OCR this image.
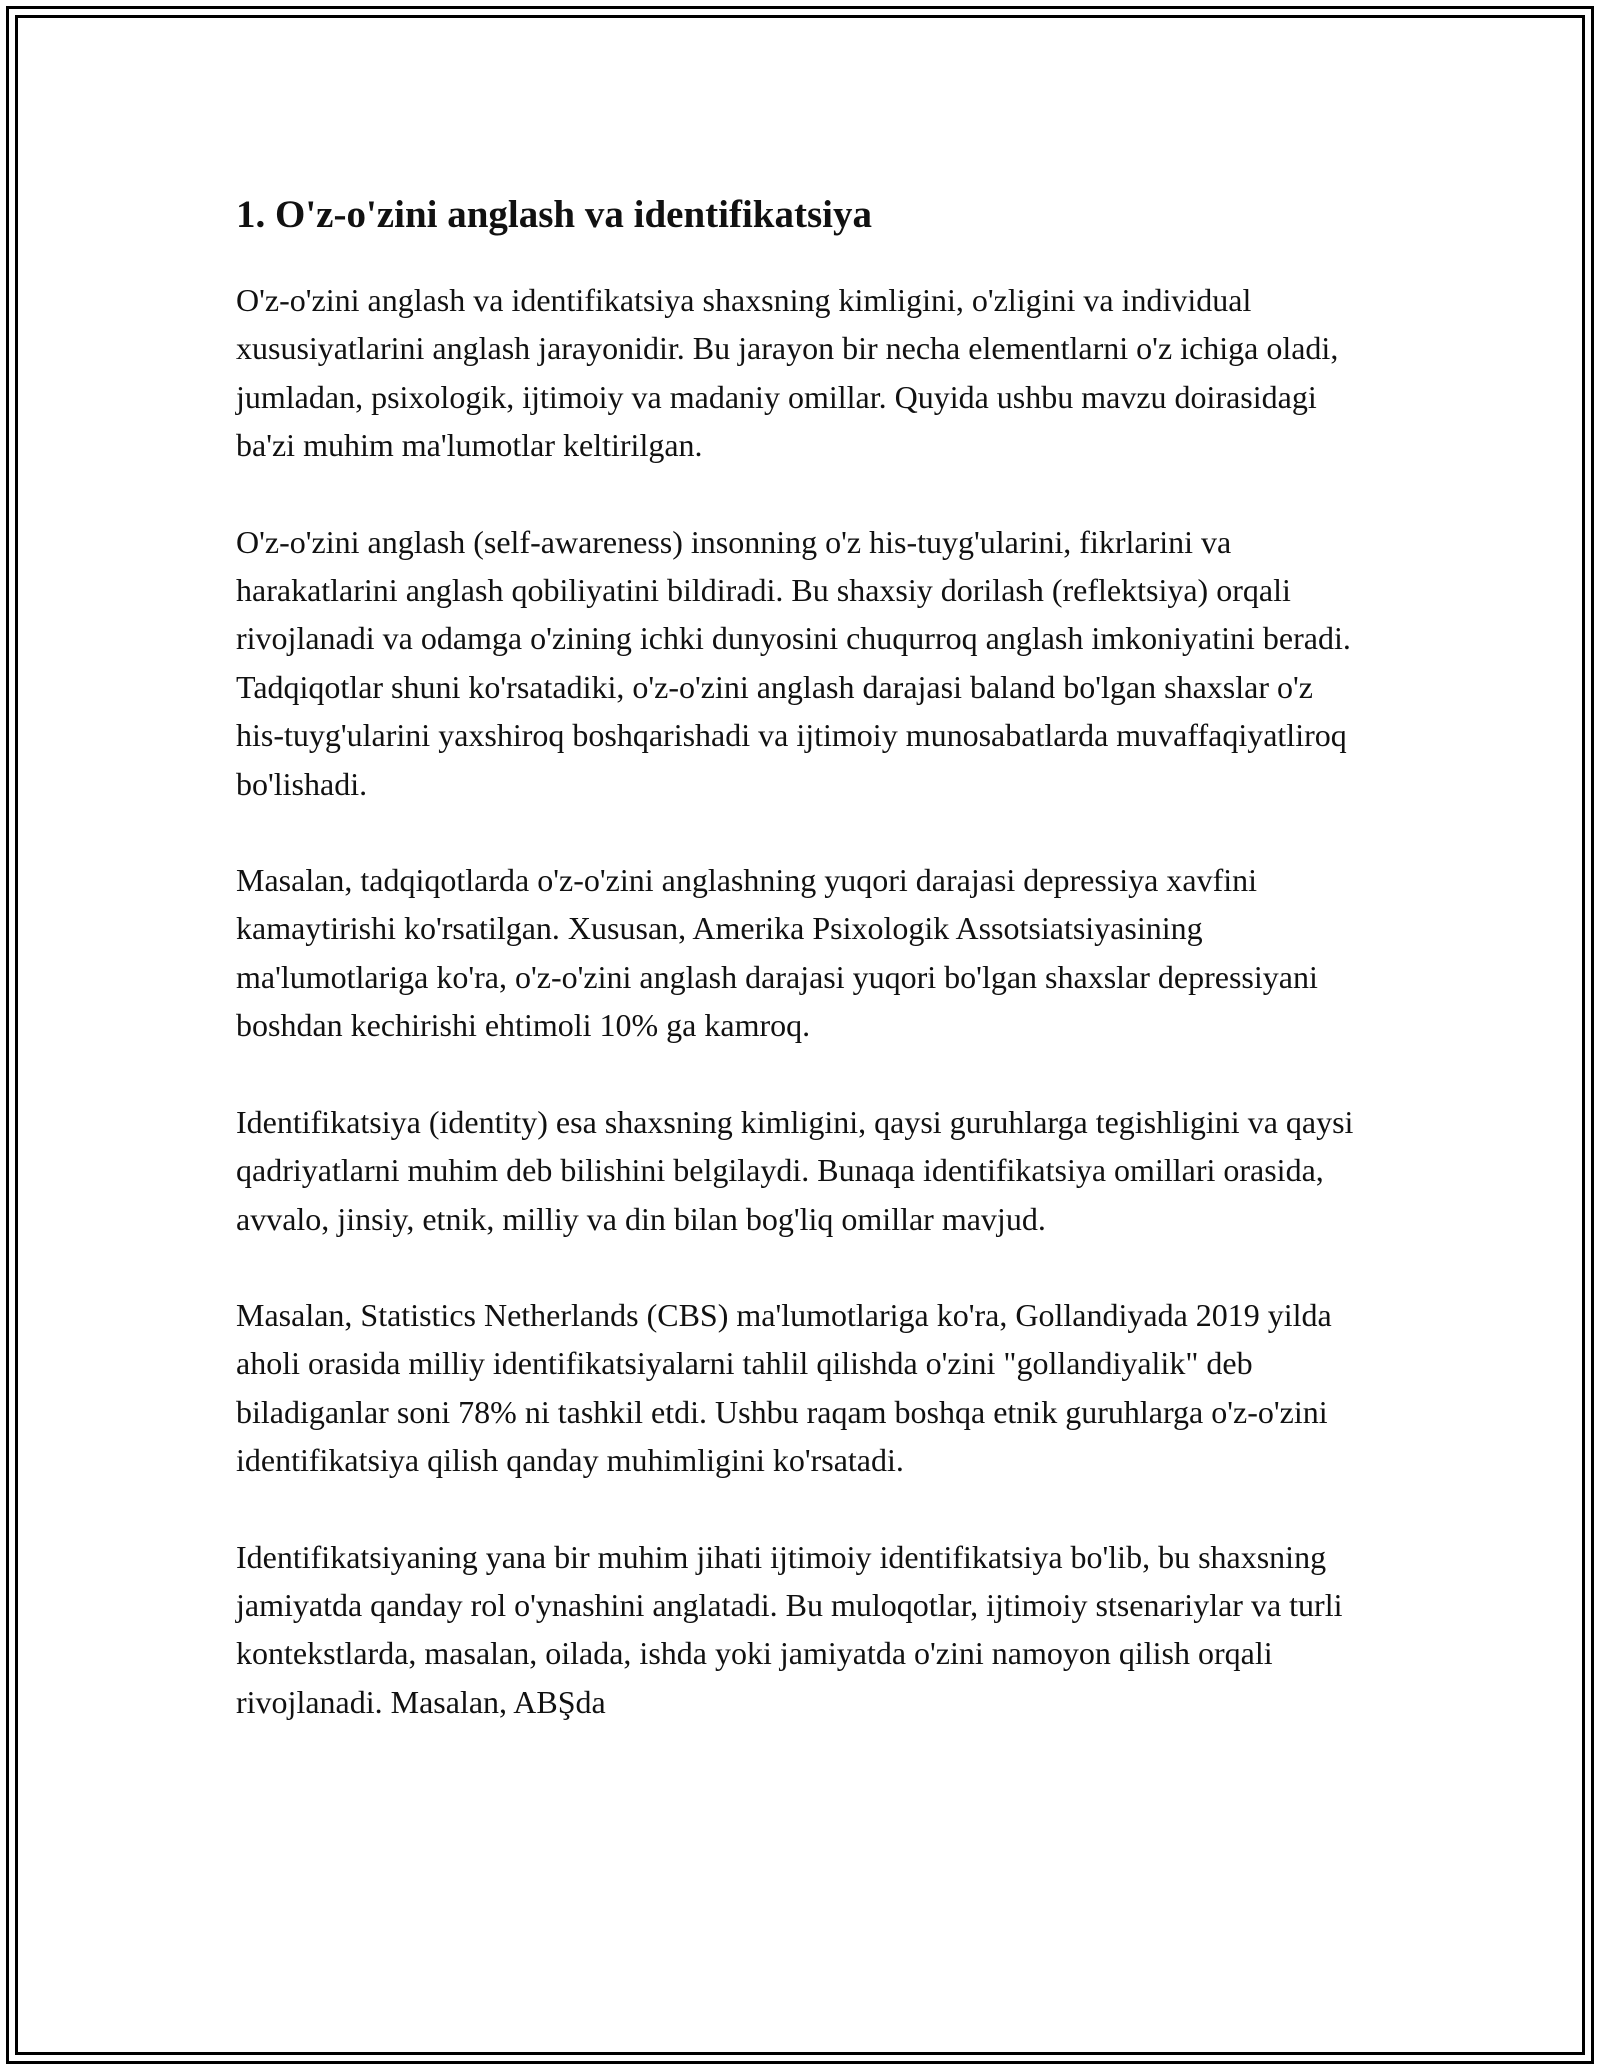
1. O'z-o'zini anglash va identifikatsiya

O'z-o'zini anglash va identifikatsiya shaxsning kimligini, o'zligini va individual xususiyatlarini anglash jarayonidir. Bu jarayon bir necha elementlarni o'z ichiga oladi, jumladan, psixologik, ijtimoiy va madaniy omillar. Quyida ushbu mavzu doirasidagi ba'zi muhim ma'lumotlar keltirilgan.

O'z-o'zini anglash (self-awareness) insonning o'z his-tuyg'ularini, fikrlarini va harakatlarini anglash qobiliyatini bildiradi. Bu shaxsiy dorilash (reflektsiya) orqali rivojlanadi va odamga o'zining ichki dunyosini chuqurroq anglash imkoniyatini beradi. Tadqiqotlar shuni ko'rsatadiki, o'z-o'zini anglash darajasi baland bo'lgan shaxslar o'z his-tuyg'ularini yaxshiroq boshqarishadi va ijtimoiy munosabatlarda muvaffaqiyatliroq bo'lishadi.

Masalan, tadqiqotlarda o'z-o'zini anglashning yuqori darajasi depressiya xavfini kamaytirishi ko'rsatilgan. Xususan, Amerika Psixologik Assotsiatsiyasining ma'lumotlariga ko'ra, o'z-o'zini anglash darajasi yuqori bo'lgan shaxslar depressiyani boshdan kechirishi ehtimoli 10% ga kamroq.

Identifikatsiya (identity) esa shaxsning kimligini, qaysi guruhlarga tegishligini va qaysi qadriyatlarni muhim deb bilishini belgilaydi. Bunaqa identifikatsiya omillari orasida, avvalo, jinsiy, etnik, milliy va din bilan bog'liq omillar mavjud.

Masalan, Statistics Netherlands (CBS) ma'lumotlariga ko'ra, Gollandiyada 2019 yilda aholi orasida milliy identifikatsiyalarni tahlil qilishda o'zini "gollandiyalik" deb biladiganlar soni 78% ni tashkil etdi. Ushbu raqam boshqa etnik guruhlarga o'z-o'zini identifikatsiya qilish qanday muhimligini ko'rsatadi.

Identifikatsiyaning yana bir muhim jihati ijtimoiy identifikatsiya bo'lib, bu shaxsning jamiyatda qanday rol o'ynashini anglatadi. Bu muloqotlar, ijtimoiy stsenariylar va turli kontekstlarda, masalan, oilada, ishda yoki jamiyatda o'zini namoyon qilish orqali rivojlanadi. Masalan, ABŞda
